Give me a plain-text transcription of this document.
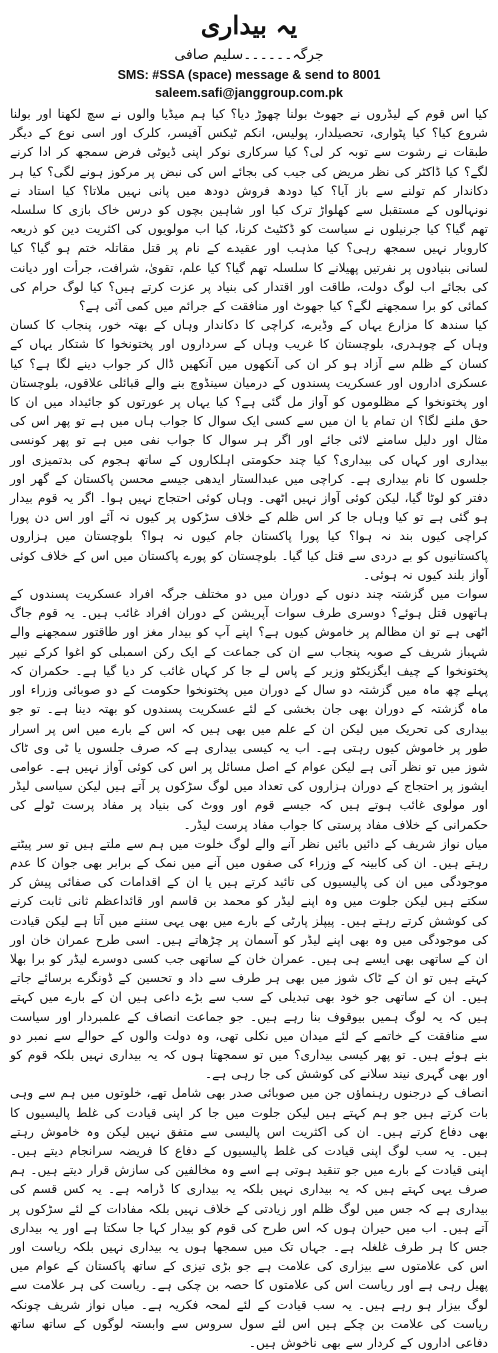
یہ بیداری
جرگہ۔۔۔۔۔۔سلیم صافی
SMS: #SSA (space) message & send to 8001
saleem.safi@janggroup.com.pk

کیا اس قوم کے لیڈروں نے جھوٹ بولنا چھوڑ دیا؟ کیا ہم میڈیا والوں نے سچ لکھنا اور بولنا شروع کیا؟ کیا پٹواری، تحصیلدار، پولیس، انکم ٹیکس آفیسر، کلرک اور اسی نوع کے دیگر طبقات نے رشوت سے توبہ کر لی؟ کیا سرکاری نوکر اپنی ڈیوٹی فرض سمجھ کر ادا کرنے لگے؟ کیا ڈاکٹر کی نظر مریض کی جیب کی بجائے اس کی نبض پر مرکوز ہونے لگی؟ کیا ہر دکاندار کم تولنے سے باز آیا؟ کیا دودھ فروش دودھ میں پانی نہیں ملاتا؟ کیا استاد نے نونہالوں کے مستقبل سے کھلواڑ ترک کیا اور شاہین بچوں کو درس خاک بازی کا سلسلہ تھم گیا؟ کیا جرنیلوں نے سیاست کو ڈکٹیٹ کرنا، کیا اب مولویوں کی اکثریت دین کو ذریعہ کاروبار نہیں سمجھ رہی؟ کیا مذہب اور عقیدے کے نام پر قتل مقاتلہ ختم ہو گیا؟ کیا لسانی بنیادوں پر نفرتیں پھیلانے کا سلسلہ تھم گیا؟ کیا علم، تقویٰ، شرافت، جرأت اور دیانت کی بجائے اب لوگ دولت، طاقت اور اقتدار کی بنیاد پر عزت کرتے ہیں؟ کیا لوگ حرام کی کمائی کو برا سمجھنے لگے؟ کیا جھوٹ اور منافقت کے جرائم میں کمی آئی ہے؟

کیا سندھ کا مزارع یہاں کے وڈیرے، کراچی کا دکاندار وہاں کے بھتہ خور، پنجاب کا کسان وہاں کے چوہدری، بلوچستان کا غریب وہاں کے سرداروں اور پختونخوا کا شتکار یہاں کے کسان کے ظلم سے آزاد ہو کر ان کی آنکھوں میں آنکھیں ڈال کر جواب دینے لگا ہے؟ کیا عسکری اداروں اور عسکریت پسندوں کے درمیان سینڈوچ بنے والے قبائلی علاقوں، بلوچستان اور پختونخوا کے مظلوموں کو آواز مل گئی ہے؟ کیا یہاں پر عورتوں کو جائیداد میں ان کا حق ملنے لگا؟ ان تمام یا ان میں سے کسی ایک سوال کا جواب ہاں میں ہے تو پھر اس کی مثال اور دلیل سامنے لائی جائے اور اگر ہر سوال کا جواب نفی میں ہے تو پھر کونسی بیداری اور کہاں کی بیداری؟ کیا چند حکومتی اہلکاروں کے ساتھ ہجوم کی بدتمیزی اور جلسوں کا نام بیداری ہے۔ کراچی میں عبدالستار ایدھی جیسے محسن پاکستان کے گھر اور دفتر کو لوٹا گیا، لیکن کوئی آواز نہیں اٹھی۔ وہاں کوئی احتجاج نہیں ہوا۔ اگر یہ قوم بیدار ہو گئی ہے تو کیا وہاں جا کر اس ظلم کے خلاف سڑکوں پر کیوں نہ آئے اور اس دن پورا کراچی کیوں بند نہ ہوا؟ کیا پورا پاکستان جام کیوں نہ ہوا؟ بلوچستان میں ہزاروں پاکستانیوں کو بے دردی سے قتل کیا گیا۔ بلوچستان کو پورے پاکستان میں اس کے خلاف کوئی آواز بلند کیوں نہ ہوئی۔

سوات میں گزشتہ چند دنوں کے دوران میں دو مختلف جرگہ افراد عسکریت پسندوں کے ہاتھوں قتل ہوئے؟ دوسری طرف سوات آپریشن کے دوران افراد غائب ہیں۔ یہ قوم جاگ اٹھی ہے تو ان مظالم پر خاموش کیوں ہے؟ اپنے آپ کو بیدار مغز اور طاقتور سمجھنے والے شہباز شریف کے صوبہ پنجاب سے ان کی جماعت کے ایک رکن اسمبلی کو اغوا کرکے نیپر پختونخوا کے چیف ایگزیکٹو وزیر کے پاس لے جا کر کہاں غائب کر دیا گیا ہے۔ حکمران کہ پہلے چھ ماہ میں گزشتہ دو سال کے دوران میں پختونخوا حکومت کے دو صوبائی وزراء اور ماہ گزشتہ کے دوران بھی جان بخشی کے لئے عسکریت پسندوں کو بھتہ دینا ہے۔ تو جو بیداری کی تحریک میں لیکن ان کے علم میں بھی ہیں کہ اس کے بارے میں اس پر اسرار طور پر خاموش کیوں رہتی ہے۔ اب یہ کیسی بیداری ہے کہ صرف جلسوں یا ٹی وی ٹاک شوز میں تو نظر آتی ہے لیکن عوام کے اصل مسائل پر اس کی کوئی آواز نہیں ہے۔ عوامی ایشوز پر احتجاج کے دوران ہزاروں کی تعداد میں لوگ سڑکوں پر آتے ہیں لیکن سیاسی لیڈر اور مولوی غائب ہوتے ہیں کہ جیسے قوم اور ووٹ کی بنیاد پر مفاد پرست ٹولے کی حکمرانی کے خلاف مفاد پرستی کا جواب مفاد پرست لیڈر۔

میاں نواز شریف کے دائیں بائیں نظر آنے والے لوگ خلوت میں ہم سے ملتے ہیں تو سر پیٹتے رہتے ہیں۔ ان کی کابینہ کے وزراء کی صفوں میں آنے میں نمک کے برابر بھی جوان کا عدم موجودگی میں ان کی پالیسیوں کی تائید کرتے ہیں یا ان کے اقدامات کی صفائی پیش کر سکتے ہیں لیکن جلوت میں وہ اپنے لیڈر کو محمد بن قاسم اور قائداعظم ثانی ثابت کرنے کی کوشش کرتے رہتے ہیں۔ پیپلز پارٹی کے بارے میں بھی یہی سننے میں آتا ہے لیکن قیادت کی موجودگی میں وہ بھی اپنے لیڈر کو آسمان پر چڑھاتے ہیں۔ اسی طرح عمران خان اور ان کے ساتھی بھی ایسے ہی ہیں۔ عمران خان کے ساتھی جب کسی دوسرے لیڈر کو برا بھلا کہتے ہیں تو ان کے ٹاک شوز میں بھی ہر طرف سے داد و تحسین کے ڈونگرے برسائے جاتے ہیں۔ ان کے ساتھی جو خود بھی تبدیلی کے سب سے بڑے داعی ہیں ان کے بارے میں کہتے ہیں کہ یہ لوگ ہمیں بیوقوف بنا رہے ہیں۔ جو جماعت انصاف کے علمبردار اور سیاست سے منافقت کے خاتمے کے لئے میدان میں نکلی تھی، وہ دولت والوں کے حوالے سے نمبر دو بنے ہوئے ہیں۔ تو پھر کیسی بیداری؟ میں تو سمجھتا ہوں کہ یہ بیداری نہیں بلکہ قوم کو اور بھی گہری نیند سلانے کی کوشش کی جا رہی ہے۔

انصاف کے درجنوں رہنماؤں جن میں صوبائی صدر بھی شامل تھے، خلوتوں میں ہم سے وہی بات کرتے ہیں جو ہم کہتے ہیں لیکن جلوت میں جا کر اپنی قیادت کی غلط پالیسیوں کا بھی دفاع کرتے ہیں۔ ان کی اکثریت اس پالیسی سے متفق نہیں لیکن وہ خاموش رہتے ہیں۔ یہ سب لوگ اپنی قیادت کی غلط پالیسیوں کے دفاع کا فریضہ سرانجام دیتے ہیں۔ اپنی قیادت کے بارے میں جو تنقید ہوتی ہے اسے وہ مخالفین کی سازش قرار دیتے ہیں۔ ہم صرف یہی کہتے ہیں کہ یہ بیداری نہیں بلکہ یہ بیداری کا ڈرامہ ہے۔ یہ کس قسم کی بیداری ہے کہ جس میں لوگ ظلم اور زیادتی کے خلاف نہیں بلکہ مفادات کے لئے سڑکوں پر آتے ہیں۔ اب میں حیران ہوں کہ اس طرح کی قوم کو بیدار کہا جا سکتا ہے اور یہ بیداری جس کا ہر طرف غلغلہ ہے۔ جہاں تک میں سمجھا ہوں یہ بیداری نہیں بلکہ ریاست اور اس کی علامتوں سے بیزاری کی علامت ہے جو بڑی تیزی کے ساتھ پاکستان کے عوام میں پھیل رہی ہے اور ریاست اس کی علامتوں کا حصہ بن چکی ہے۔ ریاست کی ہر علامت سے لوگ بیزار ہو رہے ہیں۔ یہ سب قیادت کے لئے لمحہ فکریہ ہے۔ میاں نواز شریف چونکہ ریاست کی علامت بن چکے ہیں اس لئے سول سروس سے وابستہ لوگوں کے ساتھ ساتھ دفاعی اداروں کے کردار سے بھی ناخوش ہیں۔
